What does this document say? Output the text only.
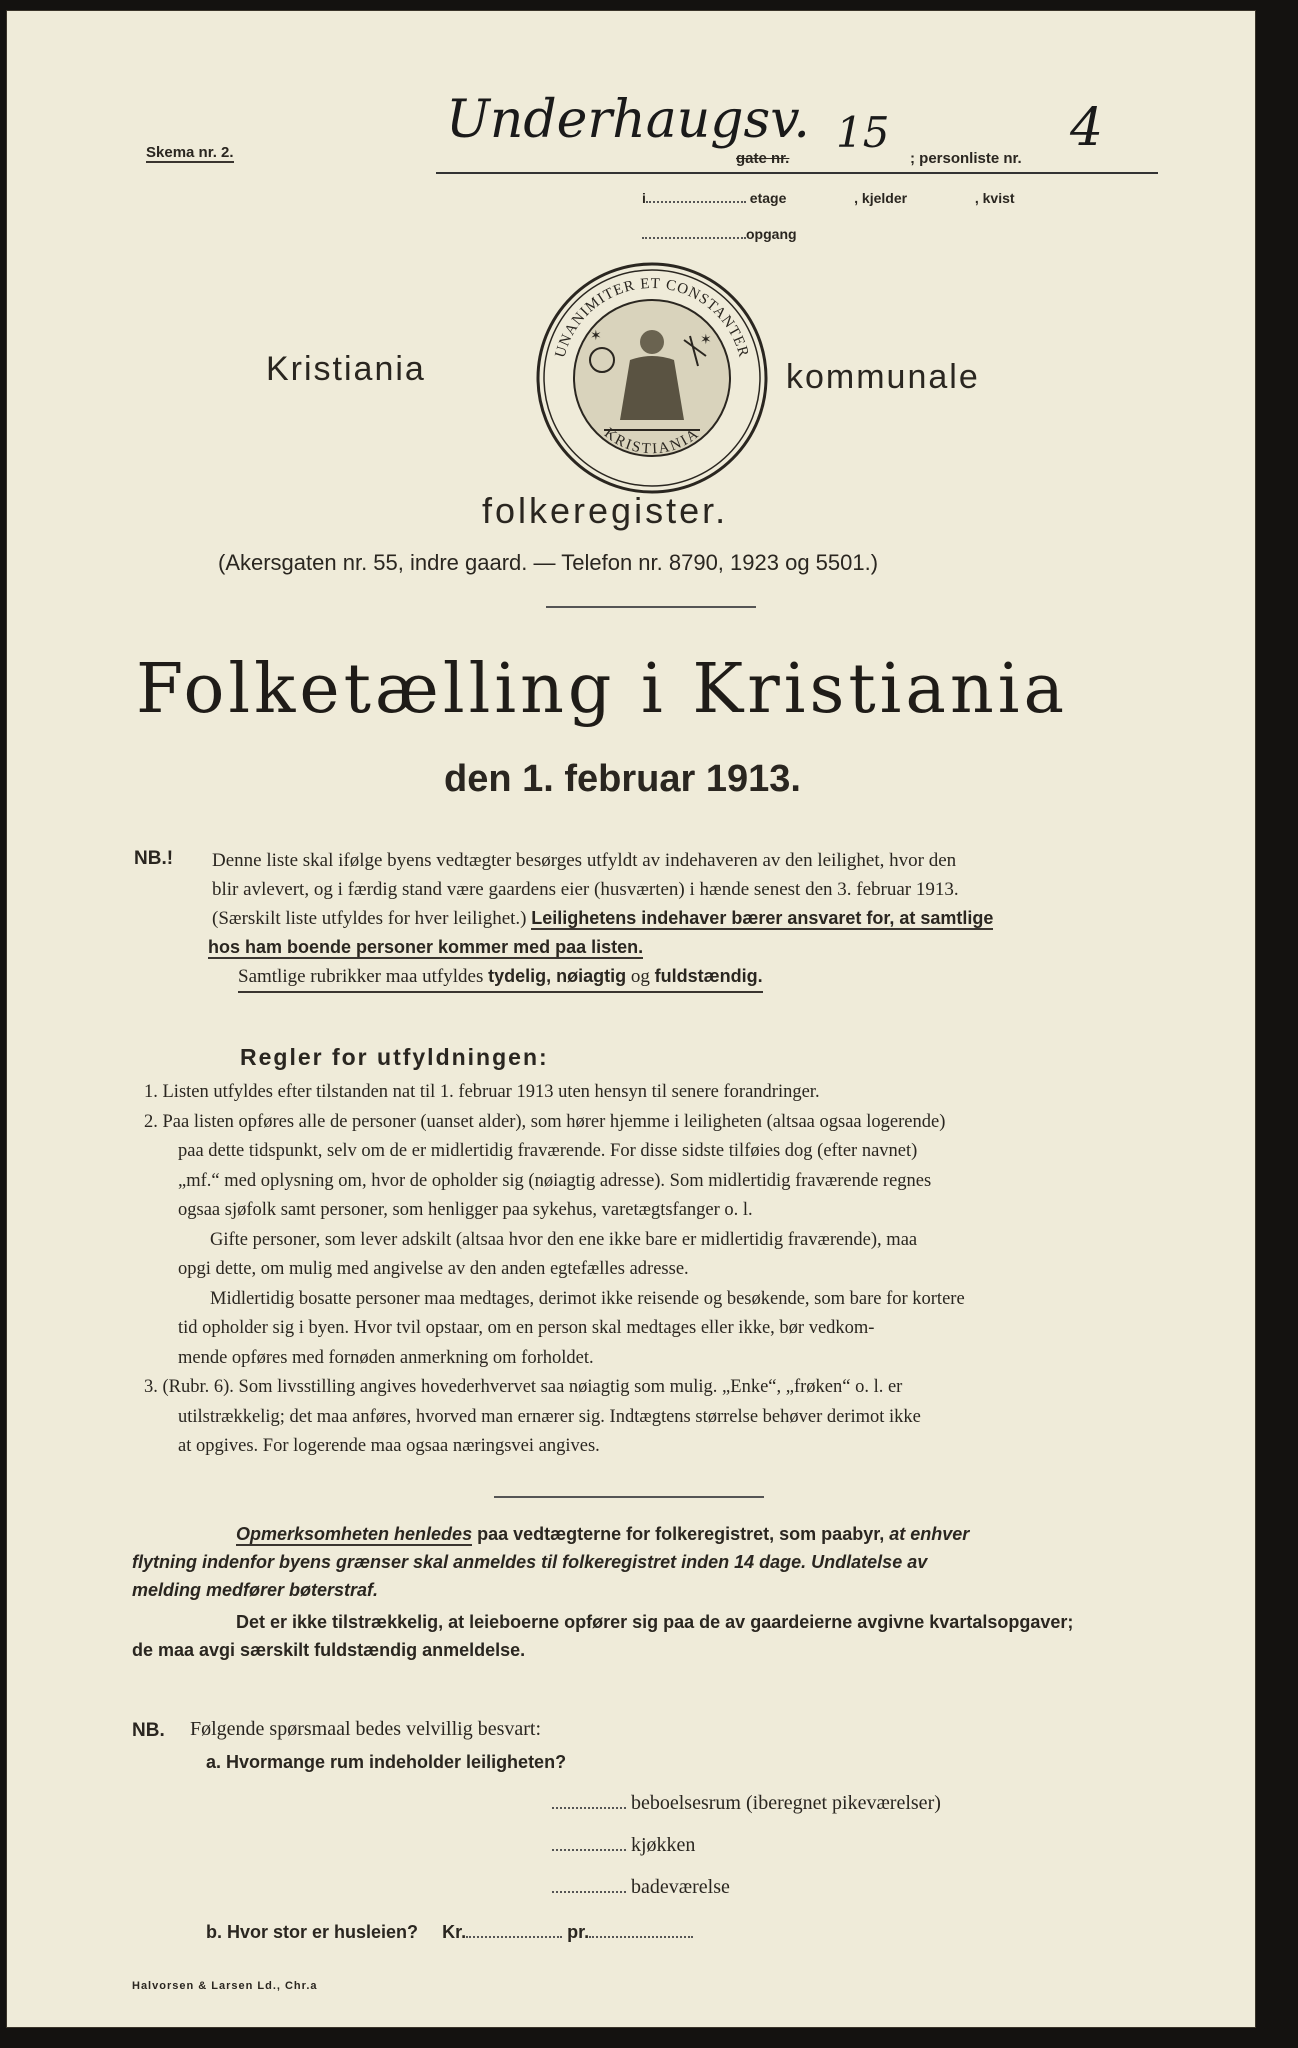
Skema nr. 2.
Underhaugsv.
gate nr.
15
; personliste nr.
4
i	etage	, kjelder	, kvist
opgang
Kristiania	kommunale
UNANIMITER ET CONSTANTER
KRISTIANIA
✶	✶
folkeregister.
(Akersgaten nr. 55, indre gaard. — Telefon nr. 8790, 1923 og 5501.)
Folketælling i Kristiania
den 1. februar 1913.
NB.! Denne liste skal ifølge byens vedtægter besørges utfyldt av indehaveren av den leilighet, hvor den
blir avlevert, og i færdig stand være gaardens eier (husværten) i hænde senest den 3. februar 1913.
(Særskilt liste utfyldes for hver leilighet.) Leilighetens indehaver bærer ansvaret for, at samtlige
hos ham boende personer kommer med paa listen.
Samtlige rubrikker maa utfyldes tydelig, nøiagtig og fuldstændig.
Regler for utfyldningen:
1. Listen utfyldes efter tilstanden nat til 1. februar 1913 uten hensyn til senere forandringer.
2. Paa listen opføres alle de personer (uanset alder), som hører hjemme i leiligheten (altsaa ogsaa logerende)
paa dette tidspunkt, selv om de er midlertidig fraværende. For disse sidste tilføies dog (efter navnet)
„mf.“ med oplysning om, hvor de opholder sig (nøiagtig adresse). Som midlertidig fraværende regnes
ogsaa sjøfolk samt personer, som henligger paa sykehus, varetægtsfanger o. l.
Gifte personer, som lever adskilt (altsaa hvor den ene ikke bare er midlertidig fraværende), maa
opgi dette, om mulig med angivelse av den anden egtefælles adresse.
Midlertidig bosatte personer maa medtages, derimot ikke reisende og besøkende, som bare for kortere
tid opholder sig i byen. Hvor tvil opstaar, om en person skal medtages eller ikke, bør vedkom-
mende opføres med fornøden anmerkning om forholdet.
3. (Rubr. 6). Som livsstilling angives hovederhvervet saa nøiagtig som mulig. „Enke“, „frøken“ o. l. er
utilstrækkelig; det maa anføres, hvorved man ernærer sig. Indtægtens størrelse behøver derimot ikke
at opgives. For logerende maa ogsaa næringsvei angives.
Opmerksomheten henledes paa vedtægterne for folkeregistret, som paabyr, at enhver
flytning indenfor byens grænser skal anmeldes til folkeregistret inden 14 dage. Undlatelse av
melding medfører bøterstraf.
Det er ikke tilstrækkelig, at leieboerne opfører sig paa de av gaardeierne avgivne kvartalsopgaver;
de maa avgi særskilt fuldstændig anmeldelse.
NB. Følgende spørsmaal bedes velvillig besvart:
a. Hvormange rum indeholder leiligheten?
beboelsesrum (iberegnet pikeværelser)
kjøkken
badeværelse
b. Hvor stor er husleien? Kr.	pr.
Halvorsen & Larsen Ld., Chr.a
